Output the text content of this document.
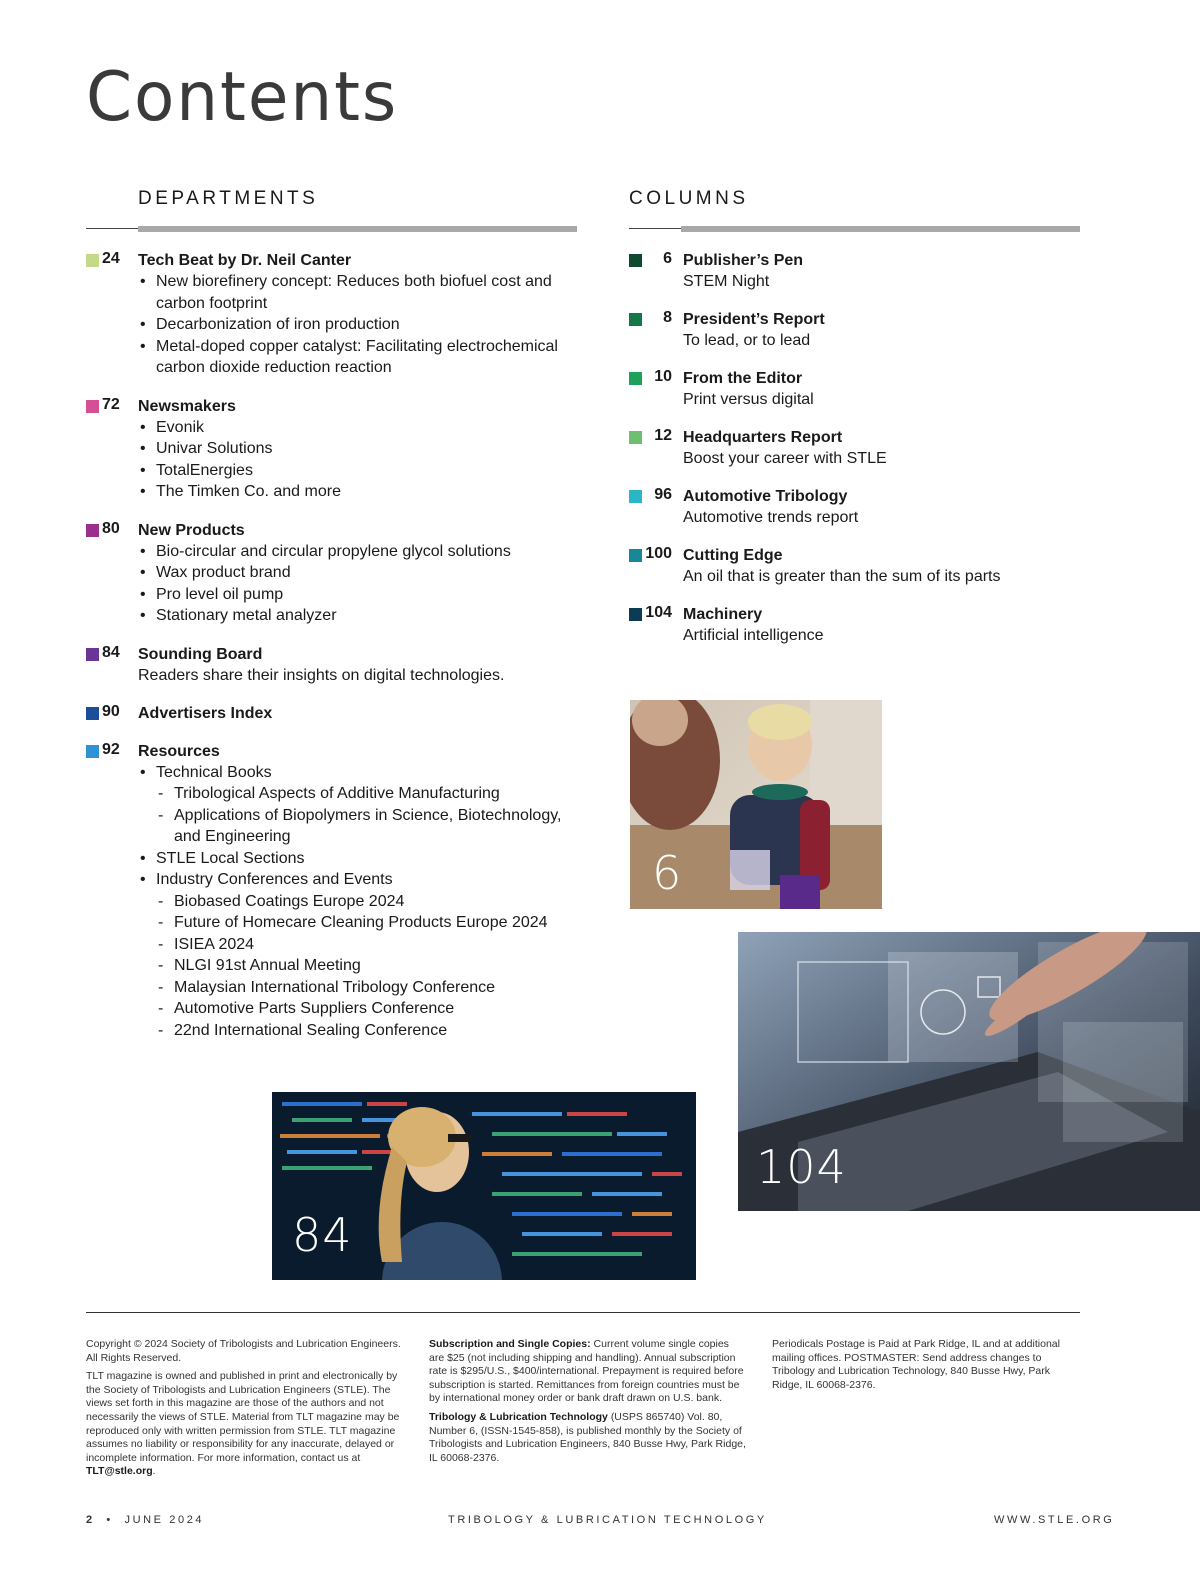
Contents
DEPARTMENTS	COLUMNS
24 Tech Beat by Dr. Neil Canter
New biorefinery concept: Reduces both biofuel cost and carbon footprint
Decarbonization of iron production
Metal-doped copper catalyst: Facilitating electrochemical carbon dioxide reduction reaction
72 Newsmakers
Evonik
Univar Solutions
TotalEnergies
The Timken Co. and more
80 New Products
Bio-circular and circular propylene glycol solutions
Wax product brand
Pro level oil pump
Stationary metal analyzer
84 Sounding Board
Readers share their insights on digital technologies.
90 Advertisers Index
92 Resources
Technical Books
- Tribological Aspects of Additive Manufacturing
- Applications of Biopolymers in Science, Biotechnology, and Engineering
STLE Local Sections
Industry Conferences and Events
- Biobased Coatings Europe 2024
- Future of Homecare Cleaning Products Europe 2024
- ISIEA 2024
- NLGI 91st Annual Meeting
- Malaysian International Tribology Conference
- Automotive Parts Suppliers Conference
- 22nd International Sealing Conference
6 Publisher’s Pen
STEM Night
8 President’s Report
To lead, or to lead
10 From the Editor
Print versus digital
12 Headquarters Report
Boost your career with STLE
96 Automotive Tribology
Automotive trends report
100 Cutting Edge
An oil that is greater than the sum of its parts
104 Machinery
Artificial intelligence
6
104
84

Copyright © 2024 Society of Tribologists and Lubrication Engineers. All Rights Reserved.

TLT magazine is owned and published in print and electronically by the Society of Tribologists and Lubrication Engineers (STLE). The views set forth in this magazine are those of the authors and not necessarily the views of STLE. Material from TLT magazine may be reproduced only with written permission from STLE. TLT magazine assumes no liability or responsibility for any inaccurate, delayed or incomplete information. For more information, contact us at TLT@stle.org.

Subscription and Single Copies: Current volume single copies are $25 (not including shipping and handling). Annual subscription rate is $295/U.S., $400/international. Prepayment is required before subscription is started. Remittances from foreign countries must be by international money order or bank draft drawn on U.S. bank.

Tribology & Lubrication Technology (USPS 865740) Vol. 80, Number 6, (ISSN-1545-858), is published monthly by the Society of Tribologists and Lubrication Engineers, 840 Busse Hwy, Park Ridge, IL 60068-2376.

Periodicals Postage is Paid at Park Ridge, IL and at additional mailing offices. POSTMASTER: Send address changes to Tribology and Lubrication Technology, 840 Busse Hwy, Park Ridge, IL 60068-2376.

2 • JUNE 2024	TRIBOLOGY & LUBRICATION TECHNOLOGY	WWW.STLE.ORG
